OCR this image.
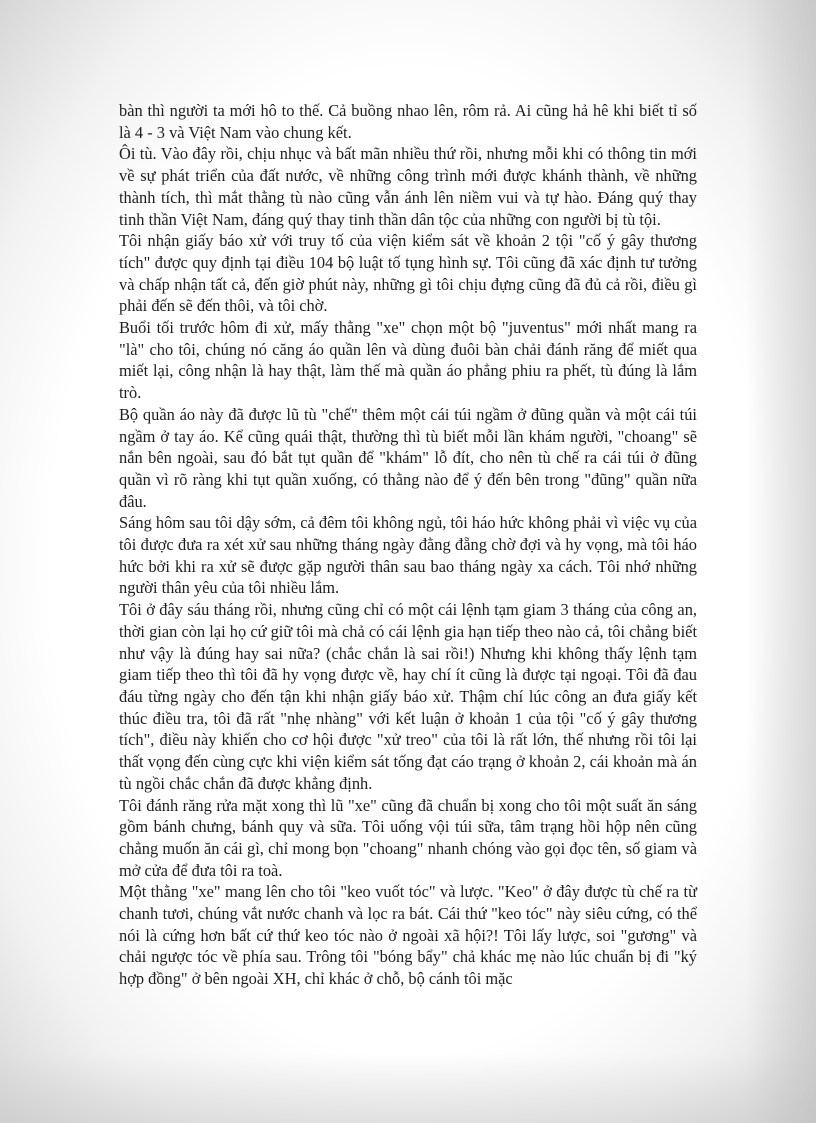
bàn thì người ta mới hô to thế. Cả buồng nhao lên, rôm rả. Ai cũng hả hê khi biết tỉ số là 4 - 3 và Việt Nam vào chung kết.

Ôi tù. Vào đây rồi, chịu nhục và bất mãn nhiều thứ rồi, nhưng mỗi khi có thông tin mới về sự phát triển của đất nước, về những công trình mới được khánh thành, về những thành tích, thì mắt thằng tù nào cũng vẫn ánh lên niềm vui và tự hào. Đáng quý thay tinh thần Việt Nam, đáng quý thay tinh thần dân tộc của những con người bị tù tội.

Tôi nhận giấy báo xử với truy tố của viện kiểm sát về khoản 2 tội "cố ý gây thương tích" được quy định tại điều 104 bộ luật tố tụng hình sự. Tôi cũng đã xác định tư tưởng và chấp nhận tất cả, đến giờ phút này, những gì tôi chịu đựng cũng đã đủ cả rồi, điều gì phải đến sẽ đến thôi, và tôi chờ.

Buổi tối trước hôm đi xử, mấy thằng "xe" chọn một bộ "juventus" mới nhất mang ra "là" cho tôi, chúng nó căng áo quần lên và dùng đuôi bàn chải đánh răng để miết qua miết lại, công nhận là hay thật, làm thế mà quần áo phẳng phiu ra phết, tù đúng là lắm trò.

Bộ quần áo này đã được lũ tù "chế" thêm một cái túi ngầm ở đũng quần và một cái túi ngầm ở tay áo. Kể cũng quái thật, thường thì tù biết mỗi lần khám người, "choang" sẽ nắn bên ngoài, sau đó bắt tụt quần để "khám" lỗ đít, cho nên tù chế ra cái túi ở đũng quần vì rõ ràng khi tụt quần xuống, có thằng nào để ý đến bên trong "đũng" quần nữa đâu.

Sáng hôm sau tôi dậy sớm, cả đêm tôi không ngủ, tôi háo hức không phải vì việc vụ của tôi được đưa ra xét xử sau những tháng ngày đằng đẵng chờ đợi và hy vọng, mà tôi háo hức bởi khi ra xử sẽ được gặp người thân sau bao tháng ngày xa cách. Tôi nhớ những người thân yêu của tôi nhiều lắm.

Tôi ở đây sáu tháng rồi, nhưng cũng chỉ có một cái lệnh tạm giam 3 tháng của công an, thời gian còn lại họ cứ giữ tôi mà chả có cái lệnh gia hạn tiếp theo nào cả, tôi chẳng biết như vậy là đúng hay sai nữa? (chắc chắn là sai rồi!) Nhưng khi không thấy lệnh tạm giam tiếp theo thì tôi đã hy vọng được về, hay chí ít cũng là được tại ngoại. Tôi đã đau đáu từng ngày cho đến tận khi nhận giấy báo xử. Thậm chí lúc công an đưa giấy kết thúc điều tra, tôi đã rất "nhẹ nhàng" với kết luận ở khoản 1 của tội "cố ý gây thương tích", điều này khiến cho cơ hội được "xử treo" của tôi là rất lớn, thế nhưng rồi tôi lại thất vọng đến cùng cực khi viện kiểm sát tống đạt cáo trạng ở khoản 2, cái khoản mà án tù ngồi chắc chắn đã được khẳng định.

Tôi đánh răng rửa mặt xong thì lũ "xe" cũng đã chuẩn bị xong cho tôi một suất ăn sáng gồm bánh chưng, bánh quy và sữa. Tôi uống vội túi sữa, tâm trạng hồi hộp nên cũng chẳng muốn ăn cái gì, chỉ mong bọn "choang" nhanh chóng vào gọi đọc tên, số giam và mở cửa để đưa tôi ra toà.

Một thằng "xe" mang lên cho tôi "keo vuốt tóc" và lược. "Keo" ở đây được tù chế ra từ chanh tươi, chúng vắt nước chanh và lọc ra bát. Cái thứ "keo tóc" này siêu cứng, có thể nói là cứng hơn bất cứ thứ keo tóc nào ở ngoài xã hội?! Tôi lấy lược, soi "gương" và chải ngược tóc về phía sau. Trông tôi "bóng bẩy" chả khác mẹ nào lúc chuẩn bị đi "ký hợp đồng" ở bên ngoài XH, chỉ khác ở chỗ, bộ cánh tôi mặc
